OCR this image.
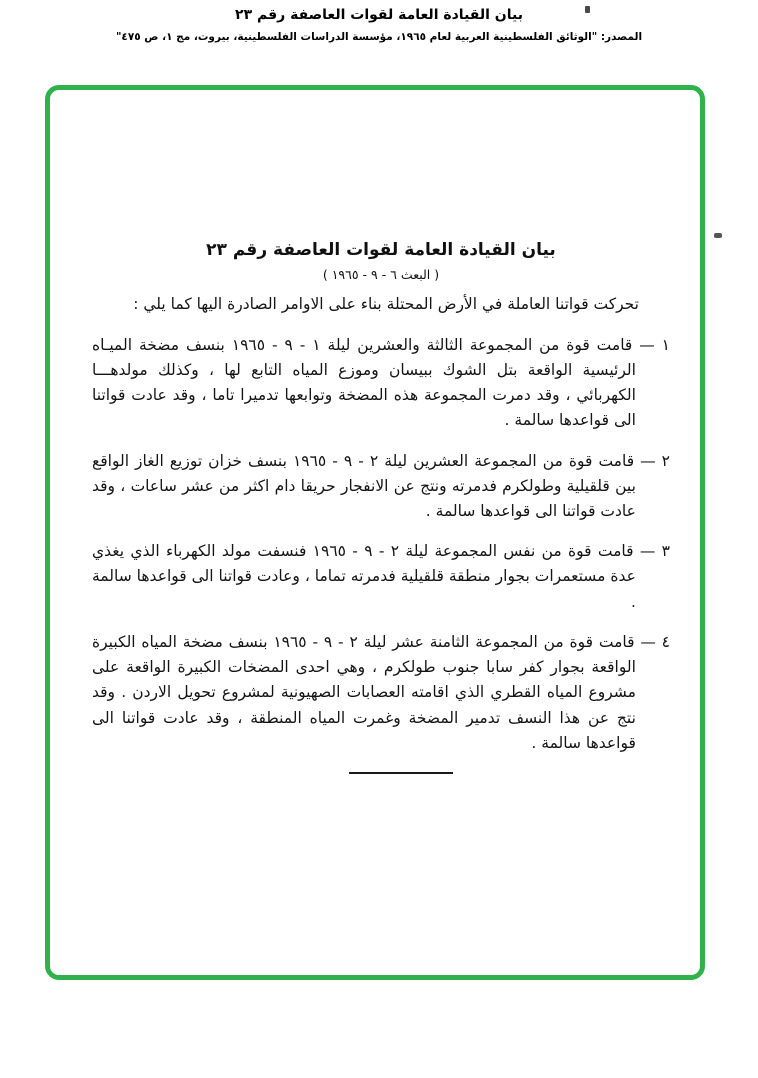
بيان القيادة العامة لقوات العاصفة رقم ٢٣
المصدر: "الوثائق الفلسطينية العربية لعام ١٩٦٥، مؤسسة الدراسات الفلسطينية، بيروت، مج ١، ص ٤٧٥"
بيان القيادة العامة لقوات العاصفة رقم ٢٣
( البعث ٦ - ٩ - ١٩٦٥ )

تحركت قواتنا العاملة في الأرض المحتلة بناء على الاوامر الصادرة اليها كما يلي :

١ — قامت قوة من المجموعة الثالثة والعشرين ليلة ١ - ٩ - ١٩٦٥ بنسف مضخة الميـاه الرئيسية الواقعة بتل الشوك ببيسان وموزع المياه التابع لها ، وكذلك مولدهـــا الكهربائي ، وقد دمرت المجموعة هذه المضخة وتوابعها تدميرا تاما ، وقد عادت قواتنا الى قواعدها سالمة .

٢ — قامت قوة من المجموعة العشرين ليلة ٢ - ٩ - ١٩٦٥ بنسف خزان توزيع الغاز الواقع بين قلقيلية وطولكرم فدمرته ونتج عن الانفجار حريقا دام اكثر من عشر ساعات ، وقد عادت قواتنا الى قواعدها سالمة .

٣ — قامت قوة من نفس المجموعة ليلة ٢ - ٩ - ١٩٦٥ فنسفت مولد الكهرباء الذي يغذي عدة مستعمرات بجوار منطقة قلقيلية فدمرته تماما ، وعادت قواتنا الى قواعدها سالمة .

٤ — قامت قوة من المجموعة الثامنة عشر ليلة ٢ - ٩ - ١٩٦٥ بنسف مضخة المياه الكبيرة الواقعة بجوار كفر سابا جنوب طولكرم ، وهي احدى المضخات الكبيرة الواقعة على مشروع المياه القطري الذي اقامته العصابات الصهيونية لمشروع تحويل الاردن . وقد نتج عن هذا النسف تدمير المضخة وغمرت المياه المنطقة ، وقد عادت قواتنا الى قواعدها سالمة .
